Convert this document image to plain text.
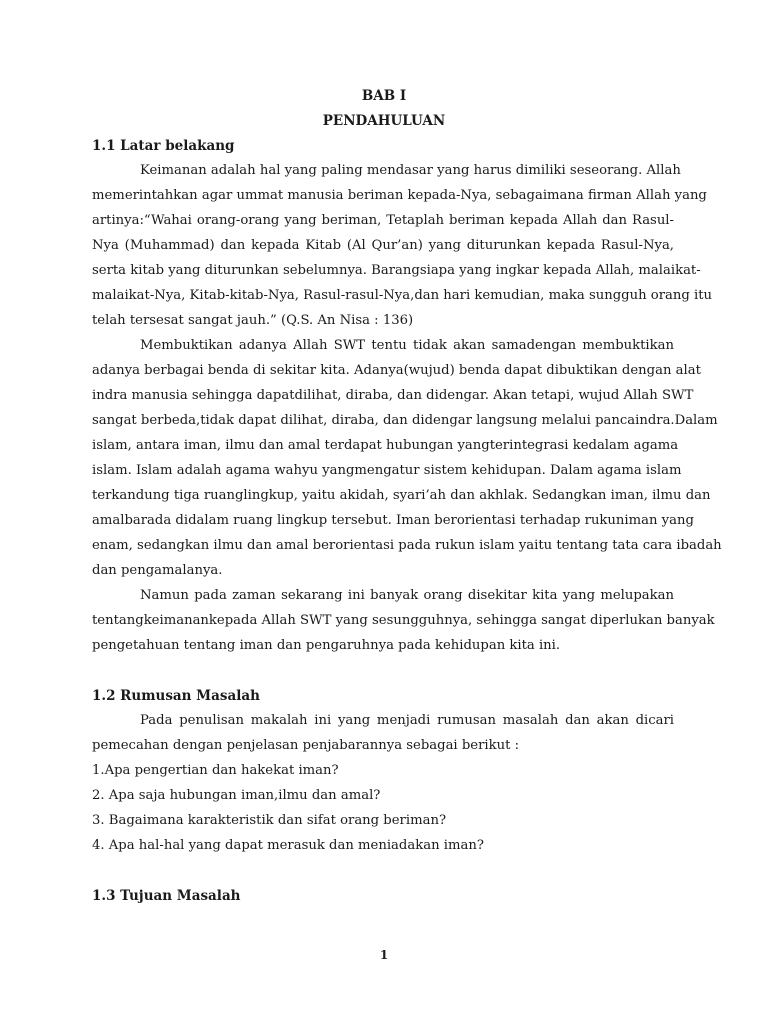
BAB I
PENDAHULUAN
1.1 Latar belakang
Keimanan adalah hal yang paling mendasar yang harus dimiliki seseorang. Allah
memerintahkan agar ummat manusia beriman kepada-Nya, sebagaimana firman Allah yang
artinya:“Wahai orang-orang yang beriman, Tetaplah beriman kepada Allah dan Rasul-
Nya (Muhammad) dan kepada Kitab (Al Qur’an) yang diturunkan kepada Rasul-Nya,
serta kitab yang diturunkan sebelumnya. Barangsiapa yang ingkar kepada Allah, malaikat-
malaikat-Nya, Kitab-kitab-Nya, Rasul-rasul-Nya,dan hari kemudian, maka sungguh orang itu
telah tersesat sangat jauh.” (Q.S. An Nisa : 136)
Membuktikan adanya Allah SWT tentu tidak akan samadengan membuktikan
adanya berbagai benda di sekitar kita. Adanya(wujud) benda dapat dibuktikan dengan alat
indra manusia sehingga dapatdilihat, diraba, dan didengar. Akan tetapi, wujud Allah SWT
sangat berbeda,tidak dapat dilihat, diraba, dan didengar langsung melalui pancaindra.Dalam
islam, antara iman, ilmu dan amal terdapat hubungan yangterintegrasi kedalam agama
islam. Islam adalah agama wahyu yangmengatur sistem kehidupan. Dalam agama islam
terkandung tiga ruanglingkup, yaitu akidah, syari’ah dan akhlak. Sedangkan iman, ilmu dan
amalbarada didalam ruang lingkup tersebut. Iman berorientasi terhadap rukuniman yang
enam, sedangkan ilmu dan amal berorientasi pada rukun islam yaitu tentang tata cara ibadah
dan pengamalanya.
Namun pada zaman sekarang ini banyak orang disekitar kita yang melupakan
tentangkeimanankepada Allah SWT yang sesungguhnya, sehingga sangat diperlukan banyak
pengetahuan tentang iman dan pengaruhnya pada kehidupan kita ini.
1.2 Rumusan Masalah
Pada penulisan makalah ini yang menjadi rumusan masalah dan akan dicari
pemecahan dengan penjelasan penjabarannya sebagai berikut :
1.Apa pengertian dan hakekat iman?
2. Apa saja hubungan iman,ilmu dan amal?
3. Bagaimana karakteristik dan sifat orang beriman?
4. Apa hal-hal yang dapat merasuk dan meniadakan iman?
1.3 Tujuan Masalah
1
